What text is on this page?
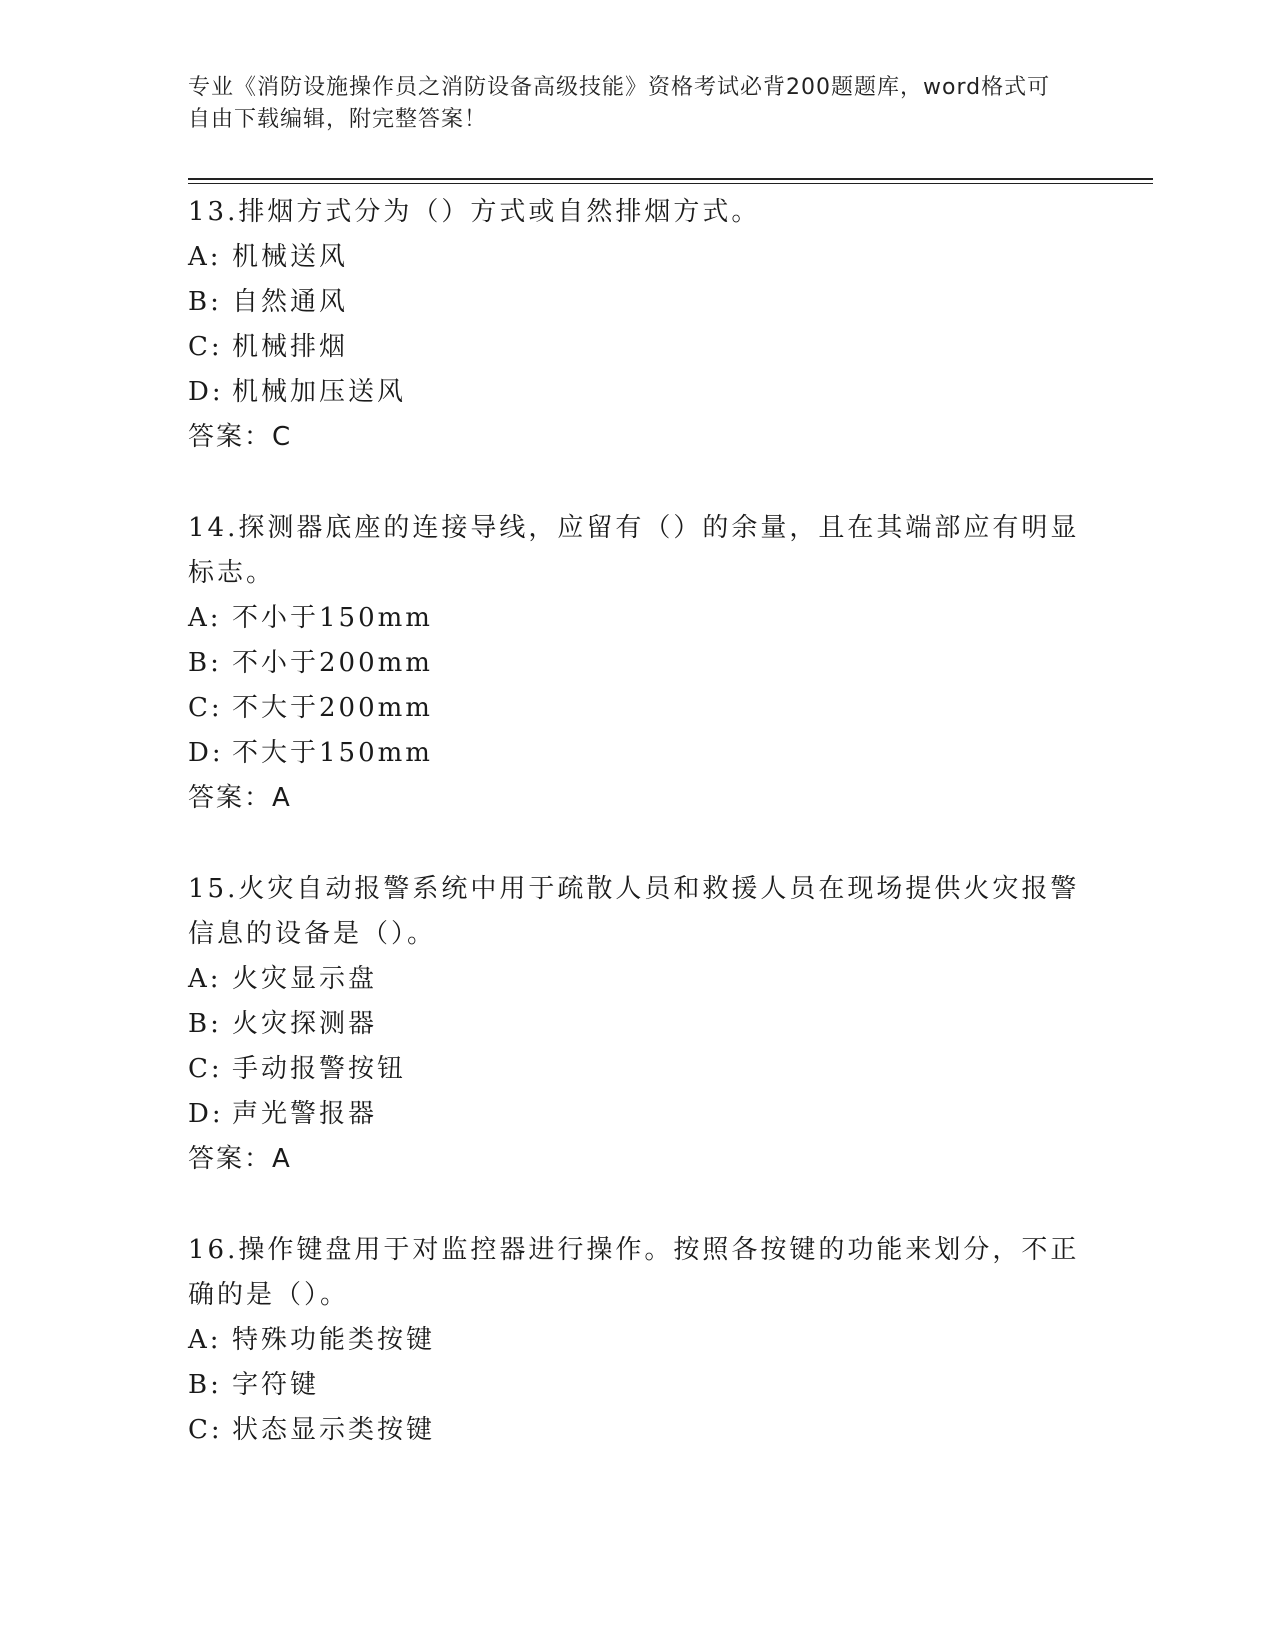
专业《消防设施操作员之消防设备高级技能》资格考试必背200题题库，word格式可自由下载编辑，附完整答案！

13.排烟方式分为（）方式或自然排烟方式。

A: 机械送风

B: 自然通风

C: 机械排烟

D: 机械加压送风

答案：C

14.探测器底座的连接导线，应留有（）的余量，且在其端部应有明显标志。

A: 不小于150mm

B: 不小于200mm

C: 不大于200mm

D: 不大于150mm

答案：A

15.火灾自动报警系统中用于疏散人员和救援人员在现场提供火灾报警信息的设备是（）。

A: 火灾显示盘

B: 火灾探测器

C: 手动报警按钮

D: 声光警报器

答案：A

16.操作键盘用于对监控器进行操作。按照各按键的功能来划分，不正确的是（）。

A: 特殊功能类按键

B: 字符键

C: 状态显示类按键
